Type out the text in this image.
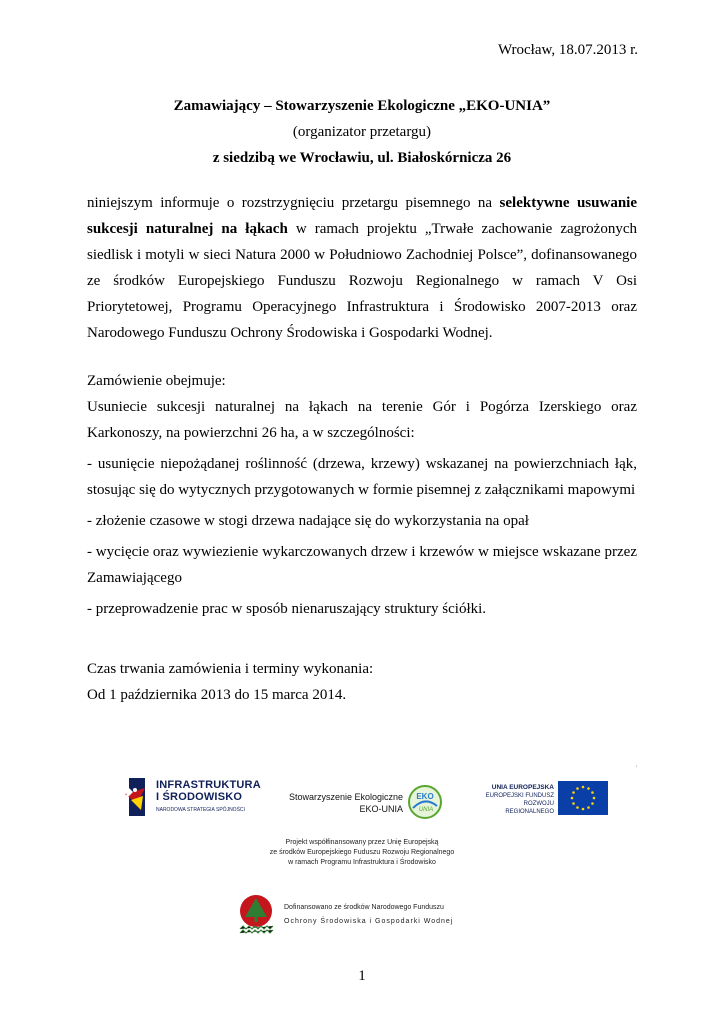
Wrocław, 18.07.2013 r.
Zamawiający – Stowarzyszenie Ekologiczne „EKO-UNIA”
(organizator przetargu)
z siedzibą we Wrocławiu, ul. Białoskórnicza 26

niniejszym informuje o rozstrzygnięciu przetargu pisemnego na selektywne usuwanie sukcesji naturalnej na łąkach w ramach projektu „Trwałe zachowanie zagrożonych siedlisk i motyli w sieci Natura 2000 w Południowo Zachodniej Polsce”, dofinansowanego ze środków Europejskiego Funduszu Rozwoju Regionalnego w ramach V Osi Priorytetowej, Programu Operacyjnego Infrastruktura i Środowisko 2007-2013 oraz Narodowego Funduszu Ochrony Środowiska i Gospodarki Wodnej.

Zamówienie obejmuje:

Usuniecie sukcesji naturalnej na łąkach na terenie Gór i Pogórza Izerskiego oraz Karkonoszy, na powierzchni 26 ha, a w szczególności:

- usunięcie niepożądanej roślinność (drzewa, krzewy) wskazanej na powierzchniach łąk, stosując się do wytycznych przygotowanych w formie pisemnej z załącznikami mapowymi

- złożenie czasowe w stogi drzewa nadające się do wykorzystania na opał

- wycięcie oraz wywiezienie wykarczowanych drzew i krzewów w miejsce wskazane przez Zamawiającego

- przeprowadzenie prac w sposób nienaruszający struktury ściółki.

Czas trwania zamówienia i terminy wykonania:

Od 1 października 2013 do 15 marca 2014.

,
INFRASTRUKTURA
I ŚRODOWISKO
NARODOWA STRATEGIA SPÓJNOŚCI
Stowarzyszenie Ekologiczne
EKO-UNIA
EKO
UNIA
UNIA EUROPEJSKA
EUROPEJSKI FUNDUSZ
ROZWOJU REGIONALNEGO
Projekt współfinansowany przez Unię Europejską
ze środków Europejskiego Fuduszu Rozwoju Regionalnego
w ramach Programu Infrastruktura i Środowisko
Dofinansowano ze środków Narodowego Funduszu
Ochrony Środowiska i Gospodarki Wodnej
1
